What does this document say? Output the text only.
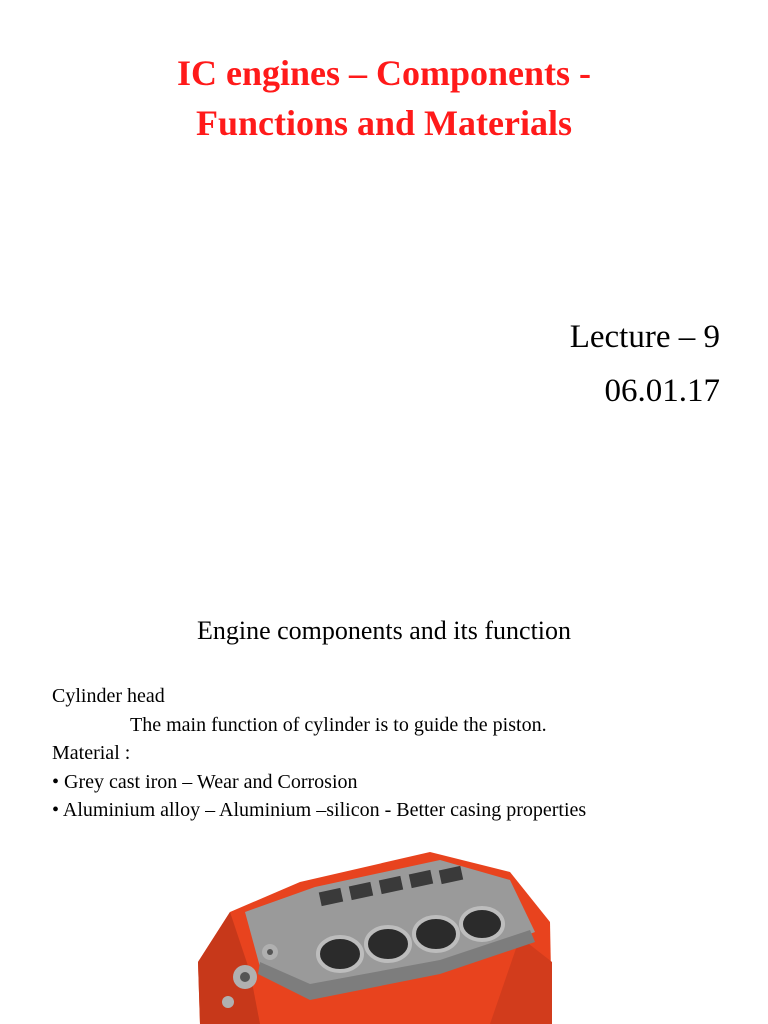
IC engines – Components -
Functions and Materials
Lecture – 9
06.01.17
Engine components and its function
Cylinder head
The main function of cylinder is to guide the piston.
Material :
• Grey cast iron – Wear and Corrosion
• Aluminium alloy – Aluminium –silicon - Better casing properties
